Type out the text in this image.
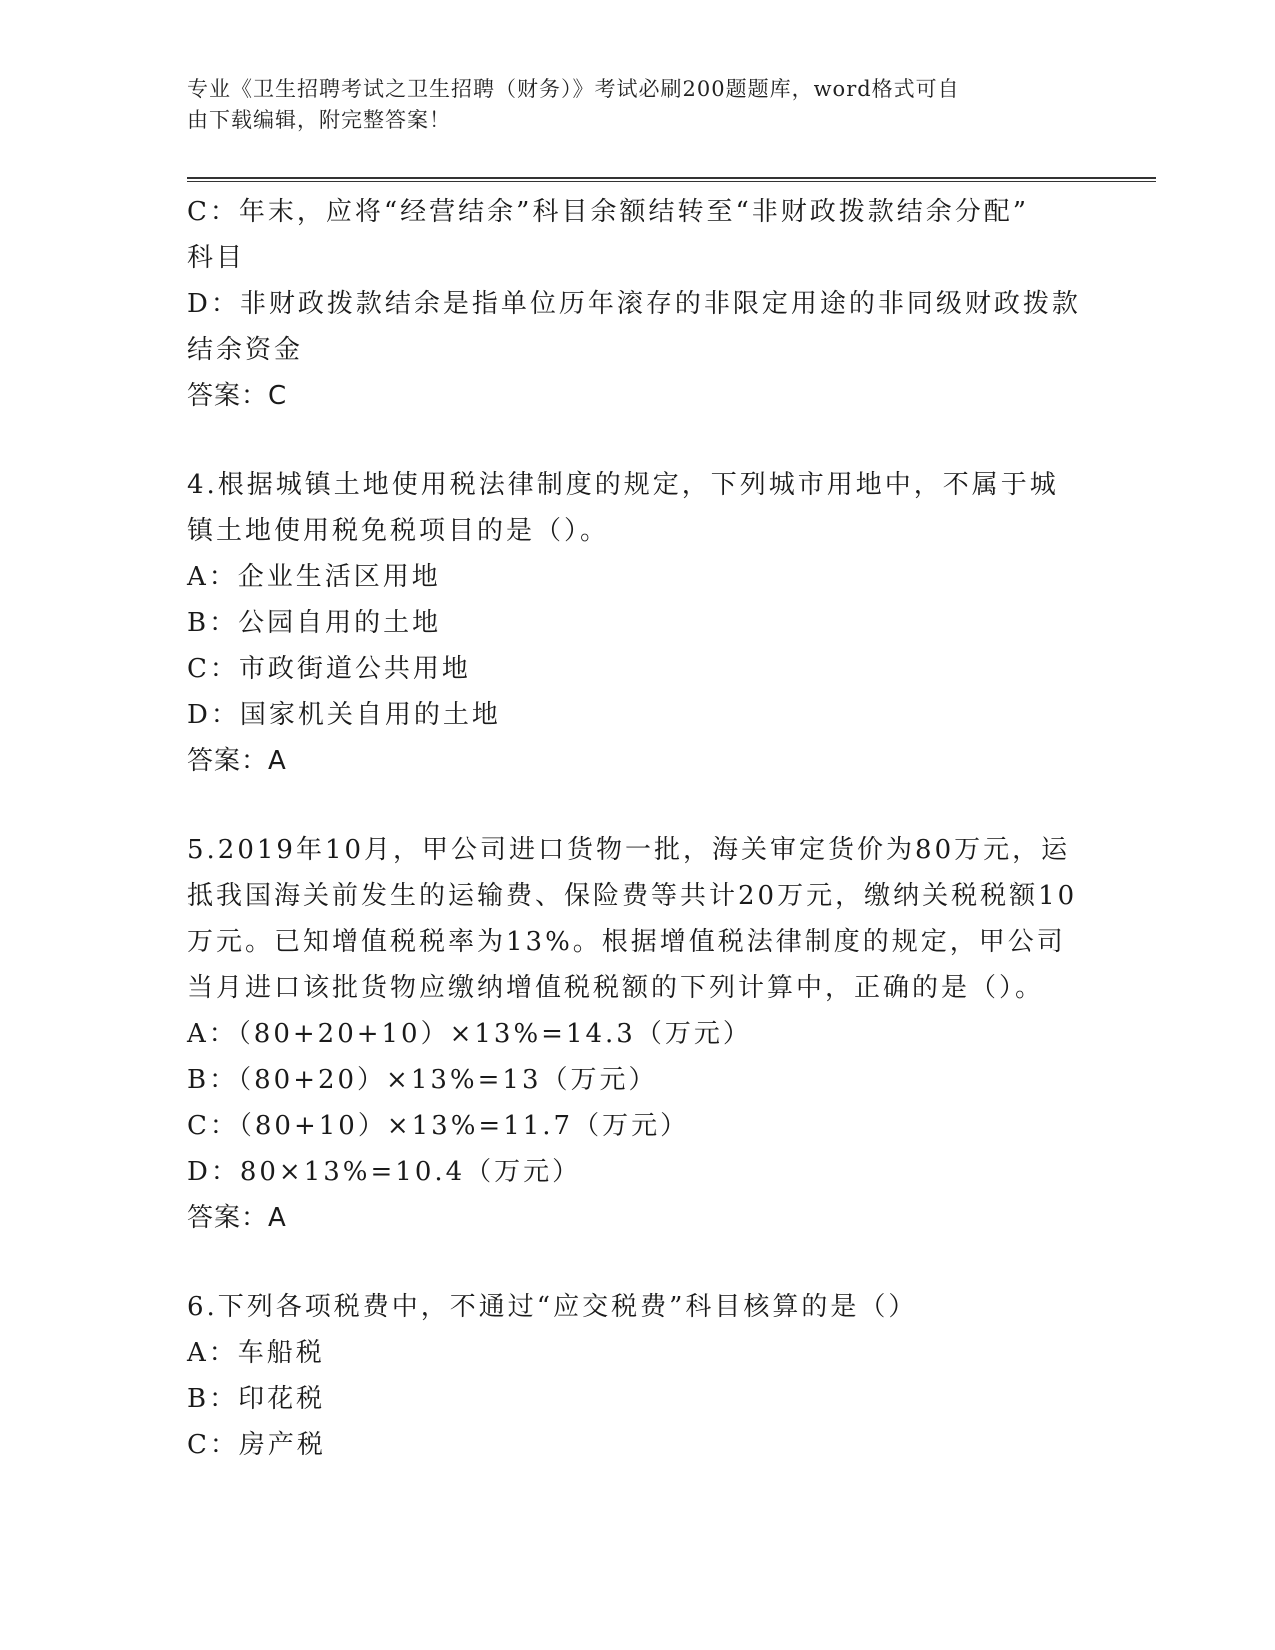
专业《卫生招聘考试之卫生招聘（财务）》考试必刷200题题库，word格式可自
由下载编辑，附完整答案！

C：年末，应将“经营结余”科目余额结转至“非财政拨款结余分配”

科目

D：非财政拨款结余是指单位历年滚存的非限定用途的非同级财政拨款

结余资金

答案：C

4.根据城镇土地使用税法律制度的规定，下列城市用地中，不属于城

镇土地使用税免税项目的是（）。

A：企业生活区用地

B：公园自用的土地

C：市政街道公共用地

D：国家机关自用的土地

答案：A

5.2019年10月，甲公司进口货物一批，海关审定货价为80万元，运

抵我国海关前发生的运输费、保险费等共计20万元，缴纳关税税额10

万元。已知增值税税率为13%。根据增值税法律制度的规定，甲公司

当月进口该批货物应缴纳增值税税额的下列计算中，正确的是（）。

A：（80+20+10）×13%=14.3（万元）

B：（80+20）×13%=13（万元）

C：（80+10）×13%=11.7（万元）

D：80×13%=10.4（万元）

答案：A

6.下列各项税费中，不通过“应交税费”科目核算的是（）

A：车船税

B：印花税

C：房产税
